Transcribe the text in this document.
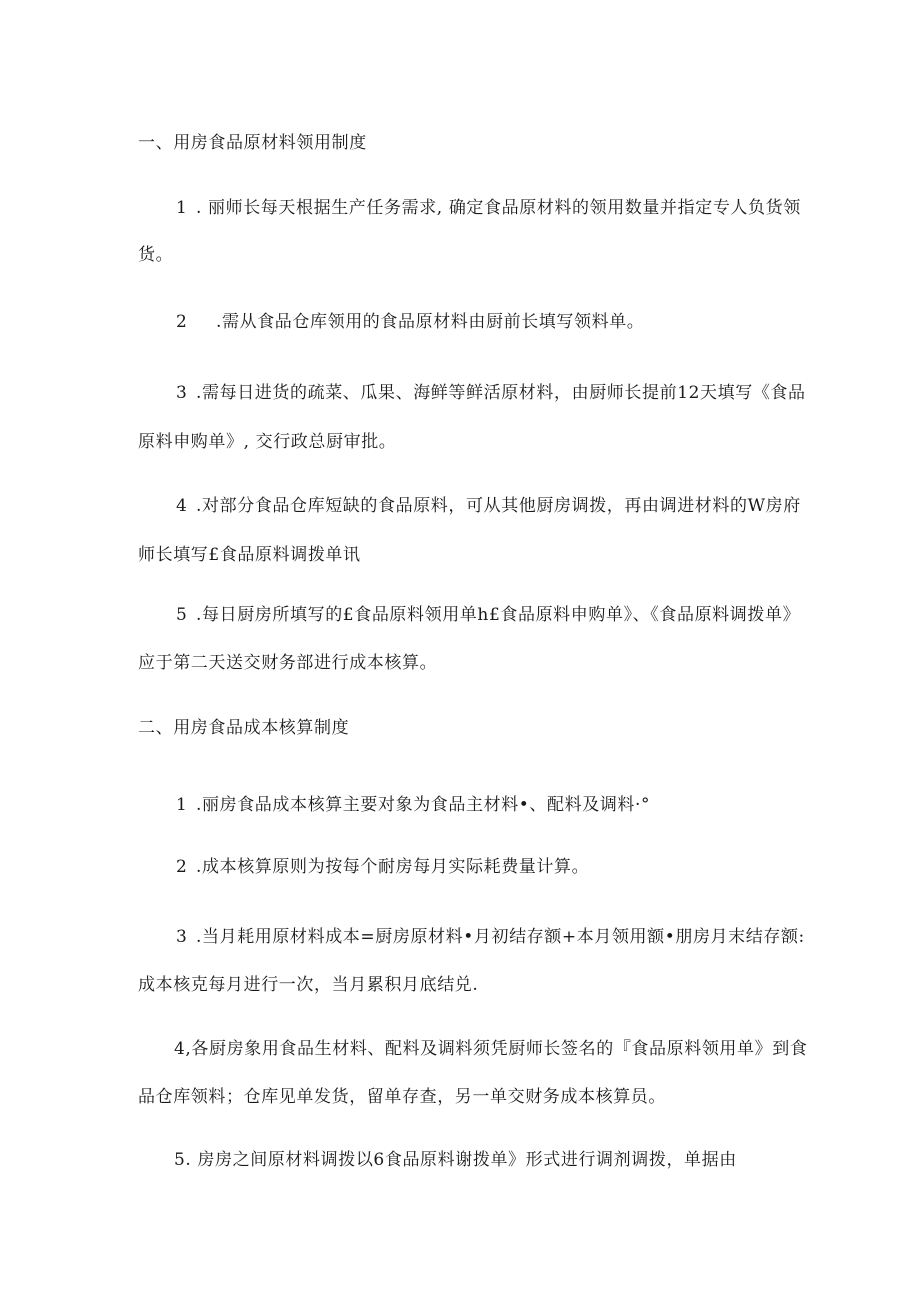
一、用房食品原材料领用制度
1 . 丽师长每天根据生产任务需求, 确定食品原材料的领用数量并指定专人负货领
货。
2 .需从食品仓库领用的食品原材料由厨前长填写领料单。
3 .需每日进货的疏菜、瓜果、海鲜等鲜活原材料，由厨师长提前12天填写《食品
原料申购单》, 交行政总厨审批。
4 .对部分食品仓库短缺的食品原料，可从其他厨房调拨，再由调进材料的W房府
师长填写£食品原料调拨单讯
5 .每日厨房所填写的£食品原料领用单h£食品原料申购单》、《食品原料调拨单》
应于第二天送交财务部进行成本核算。
二、用房食品成本核算制度
1 .丽房食品成本核算主要对象为食品主材料•、配料及调料·°
2 .成本核算原则为按每个耐房每月实际耗费量计算。
3 .当月耗用原材料成本=厨房原材料•月初结存额+本月领用额•朋房月末结存额:
成本核克每月进行一次，当月累积月底结兑.
4,各厨房象用食品生材料、配料及调料须凭厨师长签名的『食品原料领用单》到食
品仓库领料；仓库见单发货，留单存查，另一单交财务成本核算员。
5. 房房之间原材料调拨以6食品原料谢拨单》形式进行调剂调拨，单据由
